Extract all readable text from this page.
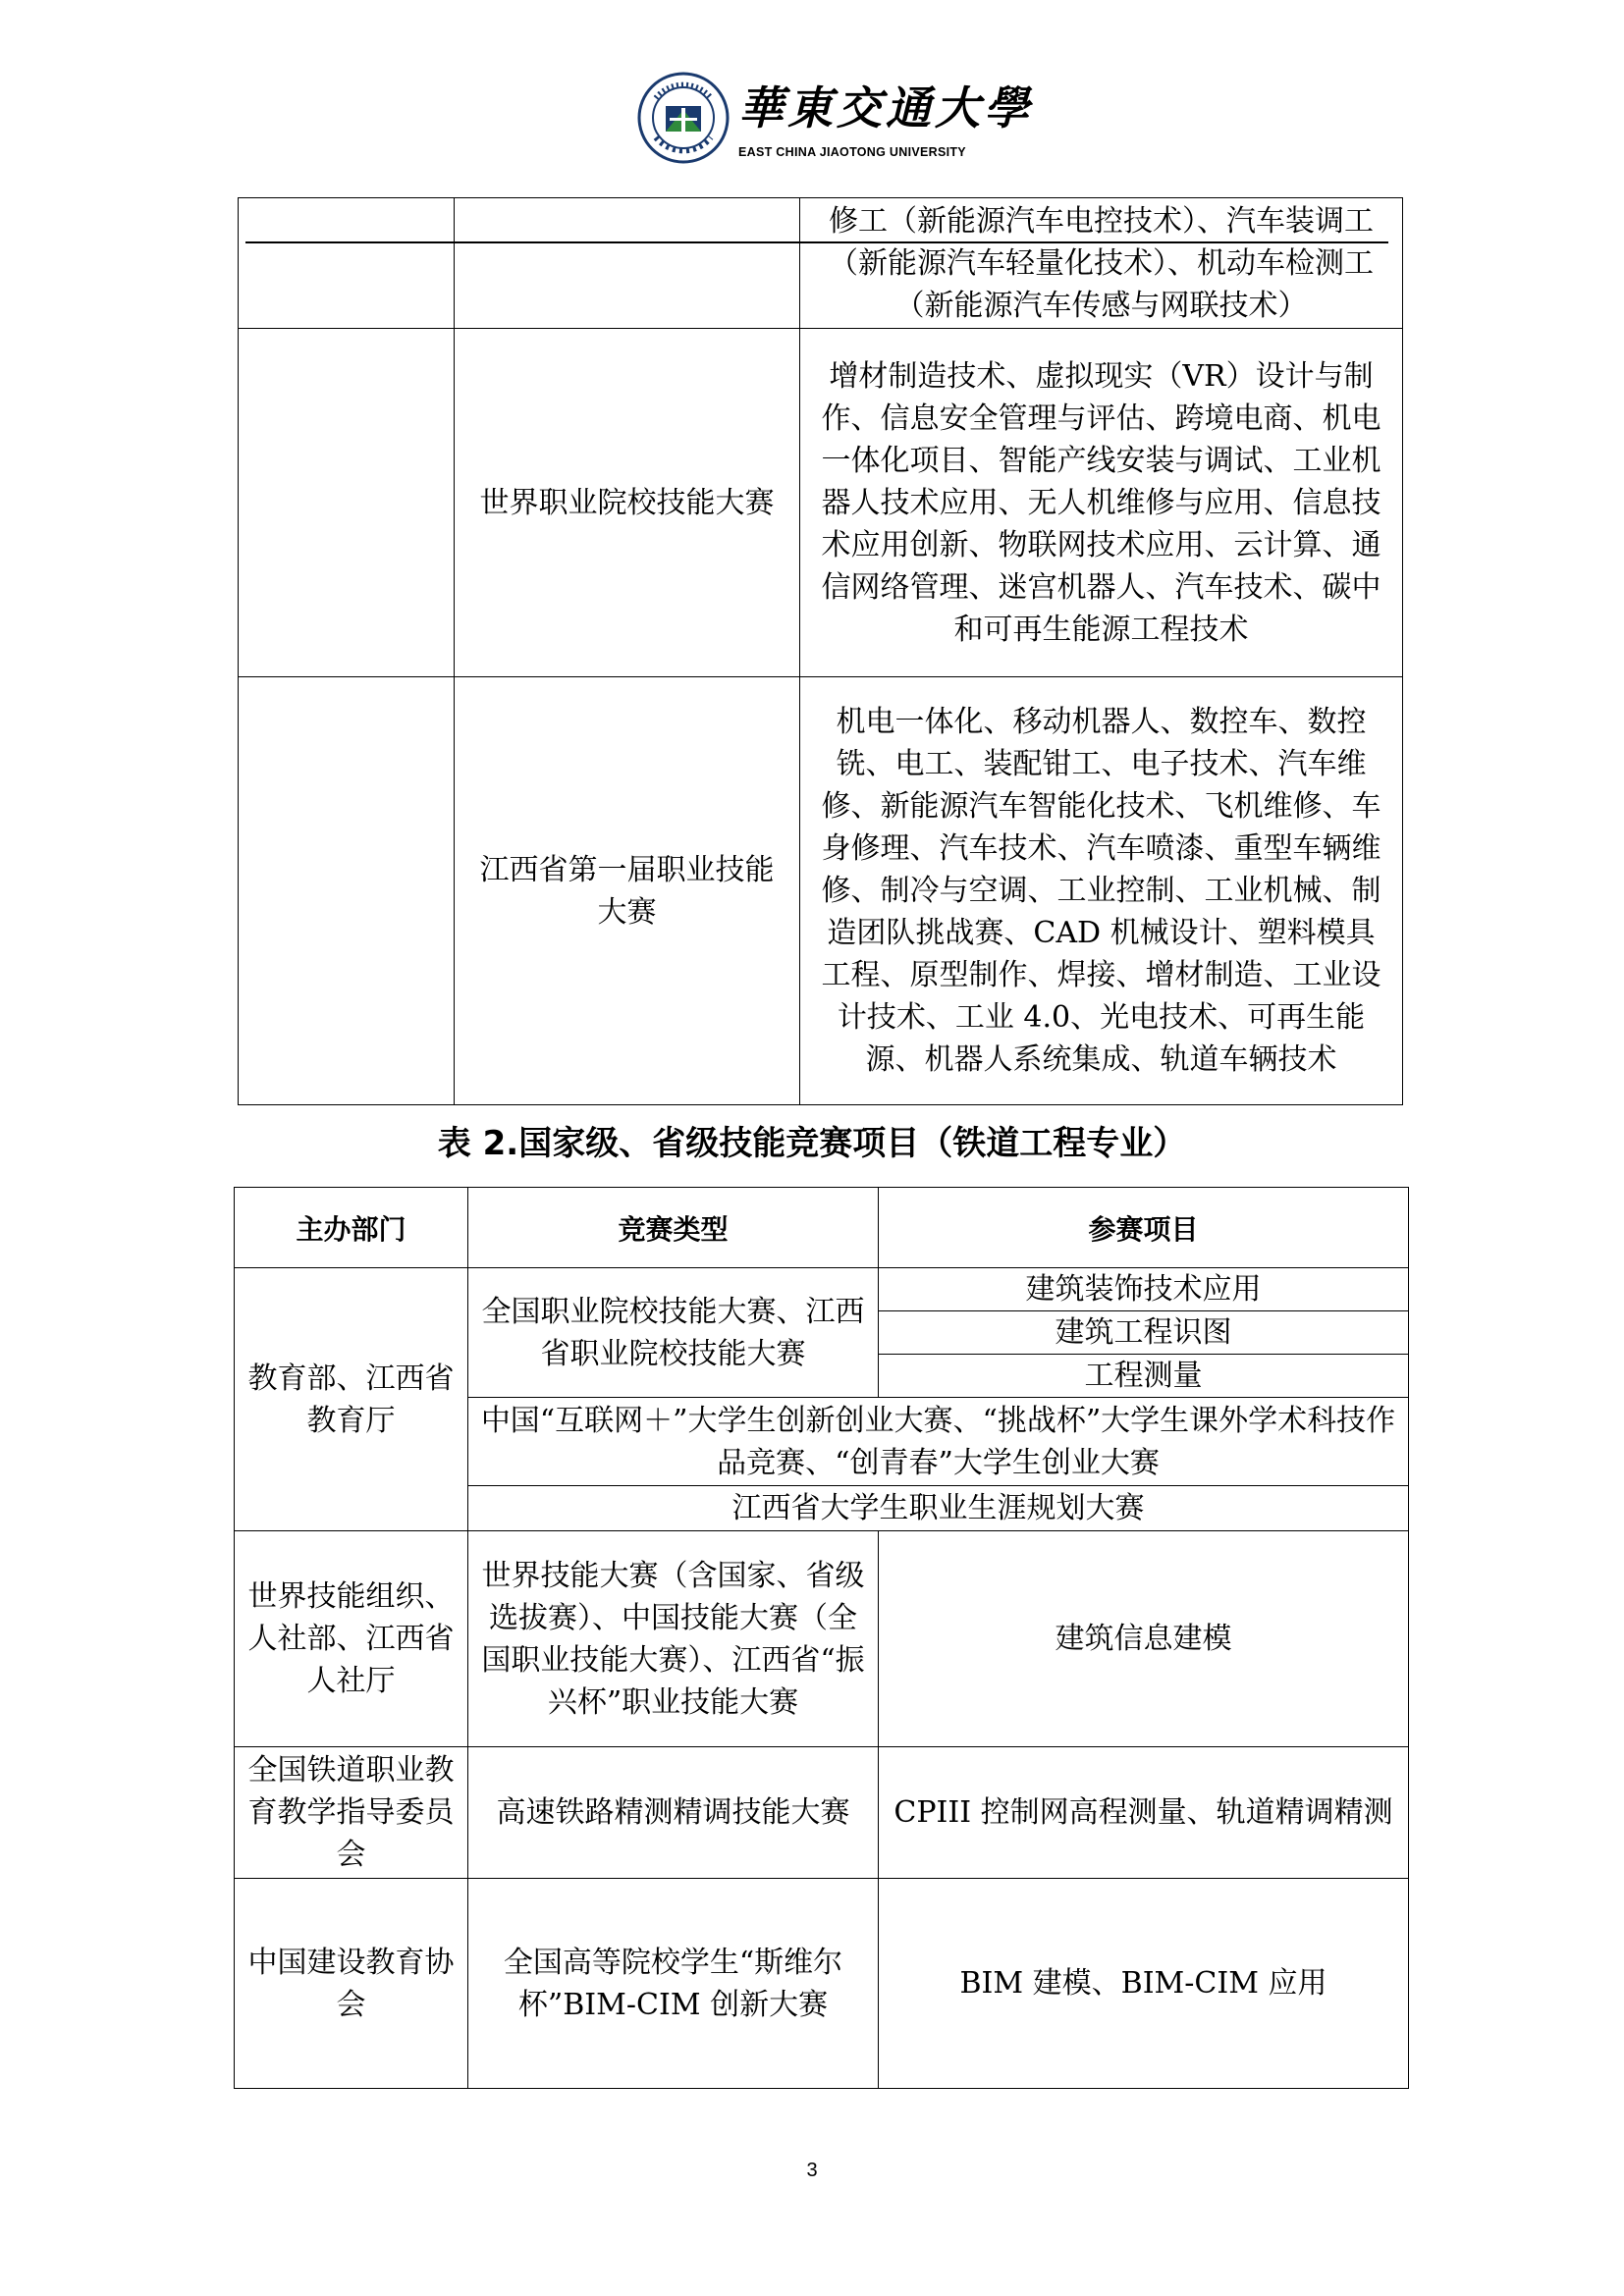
華東交通大學
EAST CHINA JIAOTONG UNIVERSITY
		修工（新能源汽车电控技术）、汽车装调工（新能源汽车轻量化技术）、机动车检测工（新能源汽车传感与网联技术）
	世界职业院校技能大赛	增材制造技术、虚拟现实（VR）设计与制作、信息安全管理与评估、跨境电商、机电一体化项目、智能产线安装与调试、工业机器人技术应用、无人机维修与应用、信息技术应用创新、物联网技术应用、云计算、通信网络管理、迷宫机器人、汽车技术、碳中和可再生能源工程技术
	江西省第一届职业技能大赛	机电一体化、移动机器人、数控车、数控铣、电工、装配钳工、电子技术、汽车维修、新能源汽车智能化技术、飞机维修、车身修理、汽车技术、汽车喷漆、重型车辆维修、制冷与空调、工业控制、工业机械、制造团队挑战赛、CAD 机械设计、塑料模具工程、原型制作、焊接、增材制造、工业设计技术、工业 4.0、光电技术、可再生能源、机器人系统集成、轨道车辆技术
表 2.国家级、省级技能竞赛项目（铁道工程专业）
主办部门	竞赛类型	参赛项目
教育部、江西省教育厅	全国职业院校技能大赛、江西省职业院校技能大赛	建筑装饰技术应用
		建筑工程识图
		工程测量
	中国“互联网＋”大学生创新创业大赛、“挑战杯”大学生课外学术科技作品竞赛、“创青春”大学生创业大赛	
	江西省大学生职业生涯规划大赛	
世界技能组织、人社部、江西省人社厅	世界技能大赛（含国家、省级选拔赛）、中国技能大赛（全国职业技能大赛）、江西省“振兴杯”职业技能大赛	建筑信息建模
全国铁道职业教育教学指导委员会	高速铁路精测精调技能大赛	CPIII 控制网高程测量、轨道精调精测
中国建设教育协会	全国高等院校学生“斯维尔杯”BIM-CIM 创新大赛	BIM 建模、BIM-CIM 应用
3
